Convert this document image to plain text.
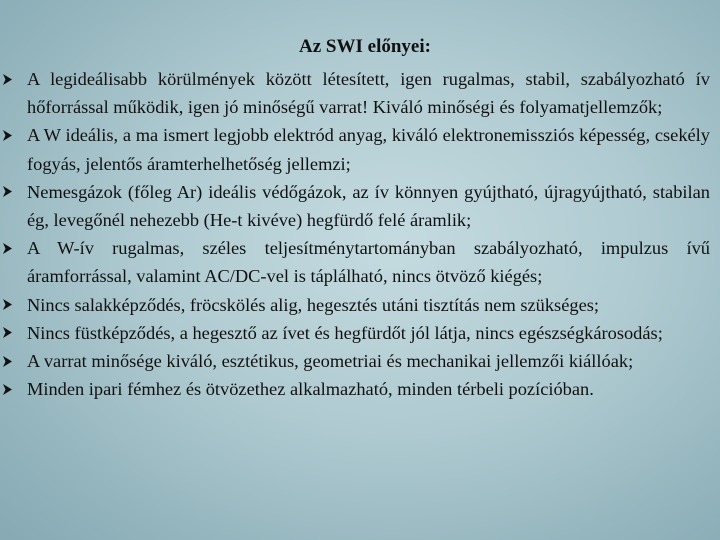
Az SWI előnyei:
A legideálisabb körülmények között létesített, igen rugalmas, stabil, szabályozható ív hőforrással működik, igen jó minőségű varrat! Kiváló minőségi és folyamatjellemzők;
A W ideális, a ma ismert legjobb elektród anyag, kiváló elektronemissziós képesség, csekély fogyás, jelentős áramterhelhetőség jellemzi;
Nemesgázok (főleg Ar) ideális védőgázok, az ív könnyen gyújtható, újragyújtható, stabilan ég, levegőnél nehezebb (He-t kivéve) hegfürdő felé áramlik;
A W-ív rugalmas, széles teljesítménytartományban szabályozható, impulzus ívű áramforrással, valamint AC/DC-vel is táplálható, nincs ötvöző kiégés;
Nincs salakképződés, fröcskölés alig, hegesztés utáni tisztítás nem szükséges;
Nincs füstképződés, a hegesztő az ívet és hegfürdőt jól látja, nincs egészségkárosodás;
A varrat minősége kiváló, esztétikus, geometriai és mechanikai jellemzői kiállóak;
Minden ipari fémhez és ötvözethez alkalmazható, minden térbeli pozícióban.
